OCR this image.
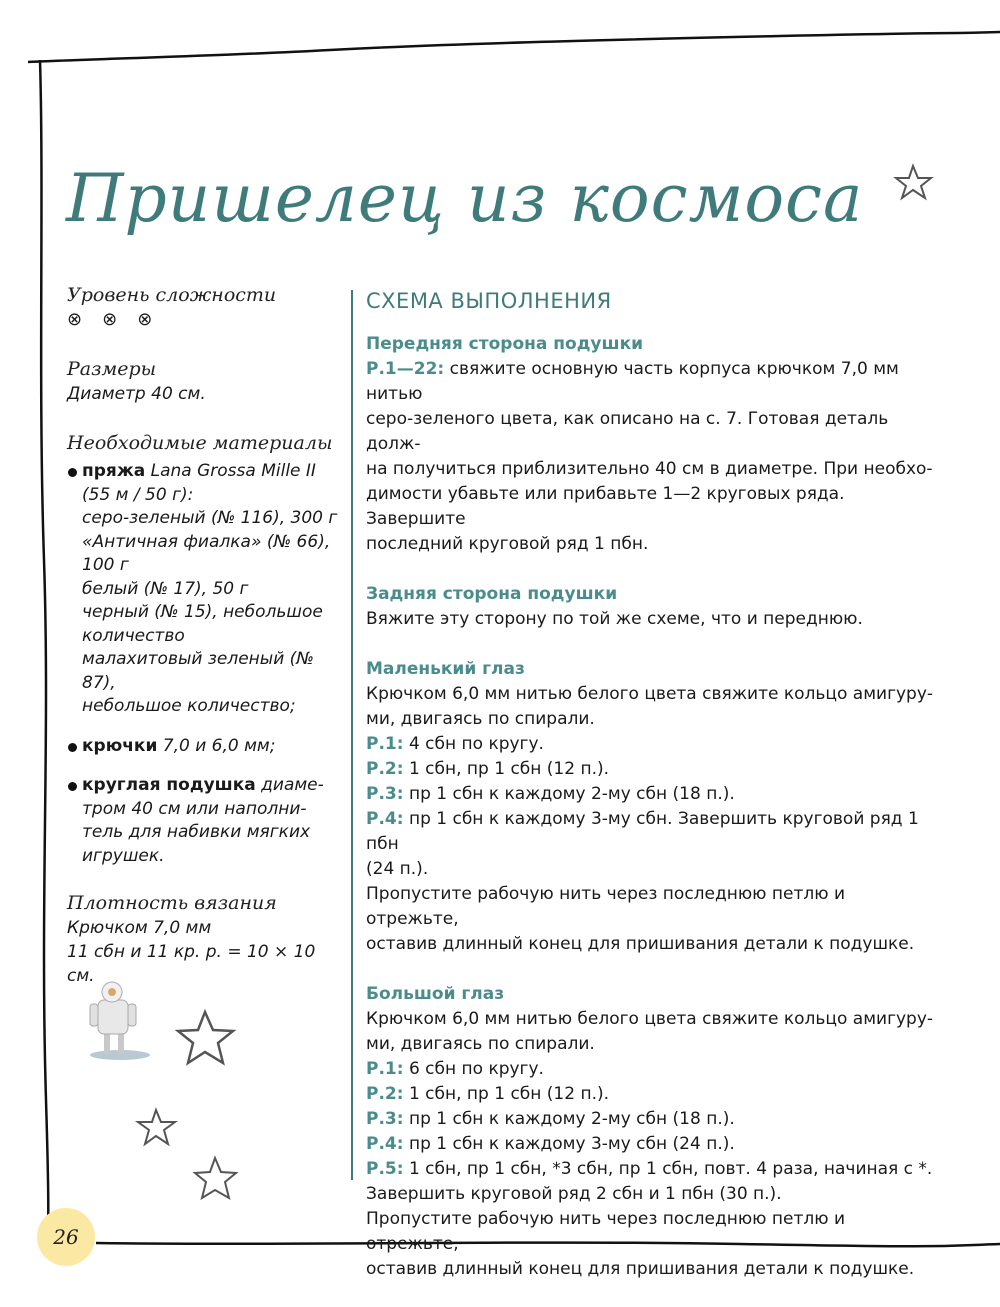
Пришелец из космоса

Уровень сложности

⊗ ⊗ ⊗

Размеры

Диаметр 40 см.

Необходимые материалы

пряжа Lana Grossa Mille II
(55 м / 50 г):
серо-зеленый (№ 116), 300 г
«Античная фиалка» (№ 66),
100 г
белый (№ 17), 50 г
черный (№ 15), небольшое
количество
малахитовый зеленый (№ 87),
небольшое количество;
крючки 7,0 и 6,0 мм;
круглая подушка диаме-
тром 40 см или наполни-
тель для набивки мягких
игрушек.

Плотность вязания

Крючком 7,0 мм

11 сбн и 11 кр. р. = 10 × 10 см.

СХЕМА ВЫПОЛНЕНИЯ

Передняя сторона подушки

Р.1—22: свяжите основную часть корпуса крючком 7,0 мм нитью

серо-зеленого цвета, как описано на с. 7. Готовая деталь долж-

на получиться приблизительно 40 см в диаметре. При необхо-

димости убавьте или прибавьте 1—2 круговых ряда. Завершите

последний круговой ряд 1 пбн.

Задняя сторона подушки

Вяжите эту сторону по той же схеме, что и переднюю.

Маленький глаз

Крючком 6,0 мм нитью белого цвета свяжите кольцо амигуру-

ми, двигаясь по спирали.

Р.1: 4 сбн по кругу.

Р.2: 1 сбн, пр 1 сбн (12 п.).

Р.3: пр 1 сбн к каждому 2-му сбн (18 п.).

Р.4: пр 1 сбн к каждому 3-му сбн. Завершить круговой ряд 1 пбн

(24 п.).

Пропустите рабочую нить через последнюю петлю и отрежьте,

оставив длинный конец для пришивания детали к подушке.

Большой глаз

Крючком 6,0 мм нитью белого цвета свяжите кольцо амигуру-

ми, двигаясь по спирали.

Р.1: 6 сбн по кругу.

Р.2: 1 сбн, пр 1 сбн (12 п.).

Р.3: пр 1 сбн к каждому 2-му сбн (18 п.).

Р.4: пр 1 сбн к каждому 3-му сбн (24 п.).

Р.5: 1 сбн, пр 1 сбн, *3 сбн, пр 1 сбн, повт. 4 раза, начиная с *.

Завершить круговой ряд 2 сбн и 1 пбн (30 п.).

Пропустите рабочую нить через последнюю петлю и отрежьте,

оставив длинный конец для пришивания детали к подушке.

26
